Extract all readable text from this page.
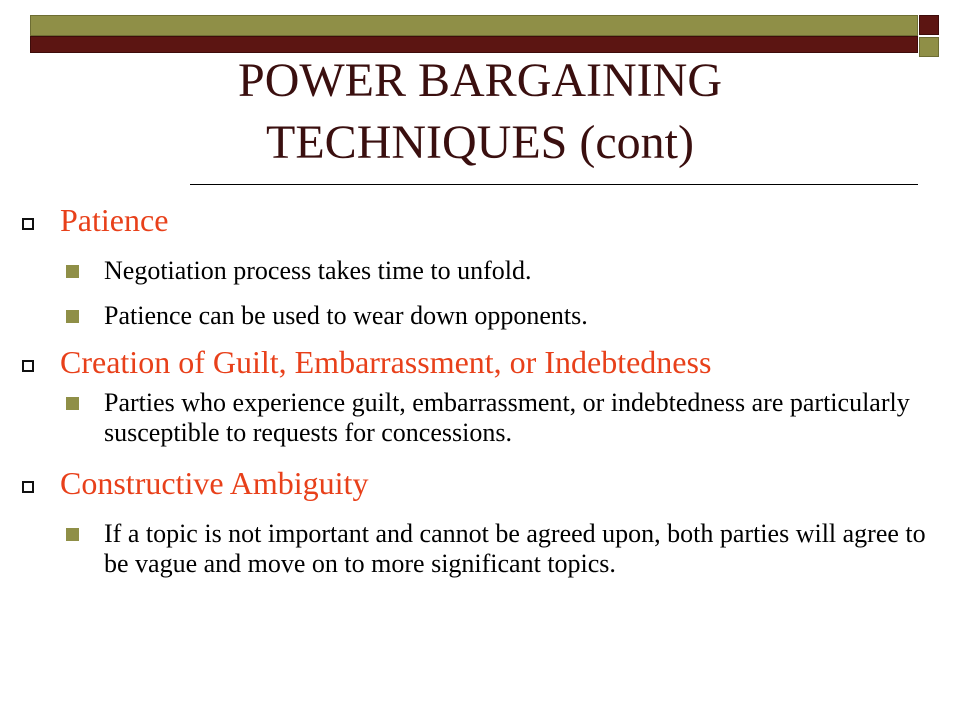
POWER BARGAINING
TECHNIQUES (cont)
Patience
Negotiation process takes time to unfold.
Patience can be used to wear down opponents.
Creation of Guilt, Embarrassment, or Indebtedness
Parties who experience guilt, embarrassment, or indebtedness are particularly susceptible to requests for concessions.
Constructive Ambiguity
If a topic is not important and cannot be agreed upon, both parties will agree to be vague and move on to more significant topics.
